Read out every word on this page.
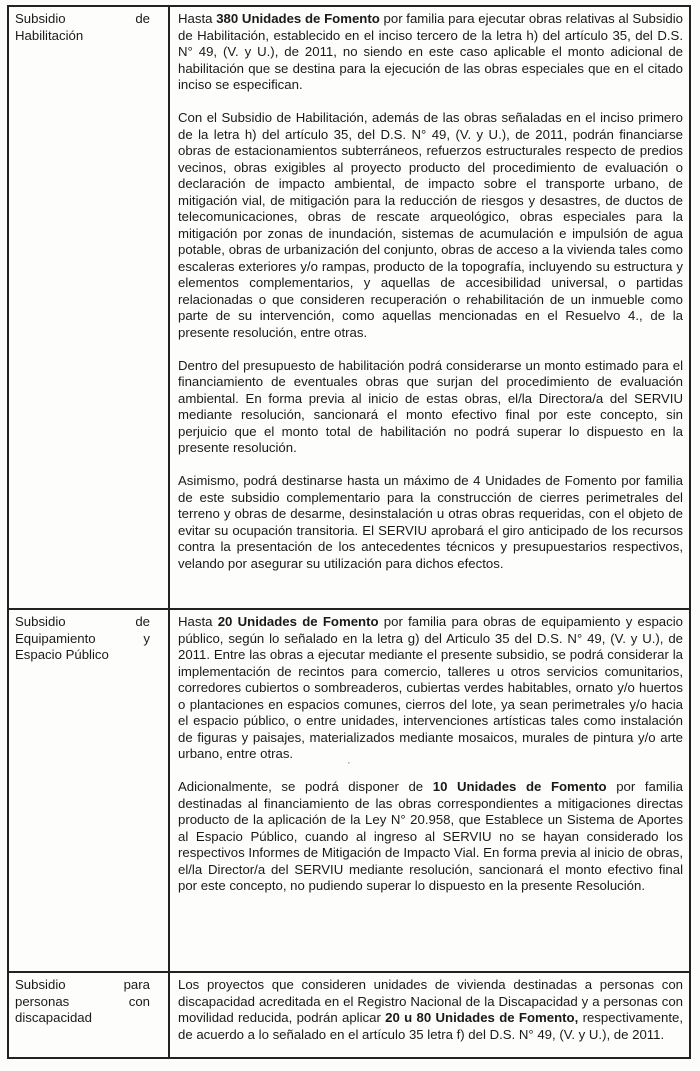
Subsidio de Habilitación

Hasta 380 Unidades de Fomento por familia para ejecutar obras relativas al Subsidio de Habilitación, establecido en el inciso tercero de la letra h) del artículo 35, del D.S. N° 49, (V. y U.), de 2011, no siendo en este caso aplicable el monto adicional de habilitación que se destina para la ejecución de las obras especiales que en el citado inciso se especifican.

Con el Subsidio de Habilitación, además de las obras señaladas en el inciso primero de la letra h) del artículo 35, del D.S. N° 49, (V. y U.), de 2011, podrán financiarse obras de estacionamientos subterráneos, refuerzos estructurales respecto de predios vecinos, obras exigibles al proyecto producto del procedimiento de evaluación o declaración de impacto ambiental, de impacto sobre el transporte urbano, de mitigación vial, de mitigación para la reducción de riesgos y desastres, de ductos de telecomunicaciones, obras de rescate arqueológico, obras especiales para la mitigación por zonas de inundación, sistemas de acumulación e impulsión de agua potable, obras de urbanización del conjunto, obras de acceso a la vivienda tales como escaleras exteriores y/o rampas, producto de la topografía, incluyendo su estructura y elementos complementarios, y aquellas de accesibilidad universal, o partidas relacionadas o que consideren recuperación o rehabilitación de un inmueble como parte de su intervención, como aquellas mencionadas en el Resuelvo 4., de la presente resolución, entre otras.

Dentro del presupuesto de habilitación podrá considerarse un monto estimado para el financiamiento de eventuales obras que surjan del procedimiento de evaluación ambiental. En forma previa al inicio de estas obras, el/la Directora/a del SERVIU mediante resolución, sancionará el monto efectivo final por este concepto, sin perjuicio que el monto total de habilitación no podrá superar lo dispuesto en la presente resolución.

Asimismo, podrá destinarse hasta un máximo de 4 Unidades de Fomento por familia de este subsidio complementario para la construcción de cierres perimetrales del terreno y obras de desarme, desinstalación u otras obras requeridas, con el objeto de evitar su ocupación transitoria. El SERVIU aprobará el giro anticipado de los recursos contra la presentación de los antecedentes técnicos y presupuestarios respectivos, velando por asegurar su utilización para dichos efectos.

Subsidio de Equipamiento y Espacio Público

Hasta 20 Unidades de Fomento por familia para obras de equipamiento y espacio público, según lo señalado en la letra g) del Articulo 35 del D.S. N° 49, (V. y U.), de 2011. Entre las obras a ejecutar mediante el presente subsidio, se podrá considerar la implementación de recintos para comercio, talleres u otros servicios comunitarios, corredores cubiertos o sombreaderos, cubiertas verdes habitables, ornato y/o huertos o plantaciones en espacios comunes, cierros del lote, ya sean perimetrales y/o hacia el espacio público, o entre unidades, intervenciones artísticas tales como instalación de figuras y paisajes, materializados mediante mosaicos, murales de pintura y/o arte urbano, entre otras.

Adicionalmente, se podrá disponer de 10 Unidades de Fomento por familia destinadas al financiamiento de las obras correspondientes a mitigaciones directas producto de la aplicación de la Ley N° 20.958, que Establece un Sistema de Aportes al Espacio Público, cuando al ingreso al SERVIU no se hayan considerado los respectivos Informes de Mitigación de Impacto Vial. En forma previa al inicio de obras, el/la Director/a del SERVIU mediante resolución, sancionará el monto efectivo final por este concepto, no pudiendo superar lo dispuesto en la presente Resolución.

Subsidio para personas con discapacidad

Los proyectos que consideren unidades de vivienda destinadas a personas con discapacidad acreditada en el Registro Nacional de la Discapacidad y a personas con movilidad reducida, podrán aplicar 20 u 80 Unidades de Fomento, respectivamente, de acuerdo a lo señalado en el artículo 35 letra f) del D.S. N° 49, (V. y U.), de 2011.

·
